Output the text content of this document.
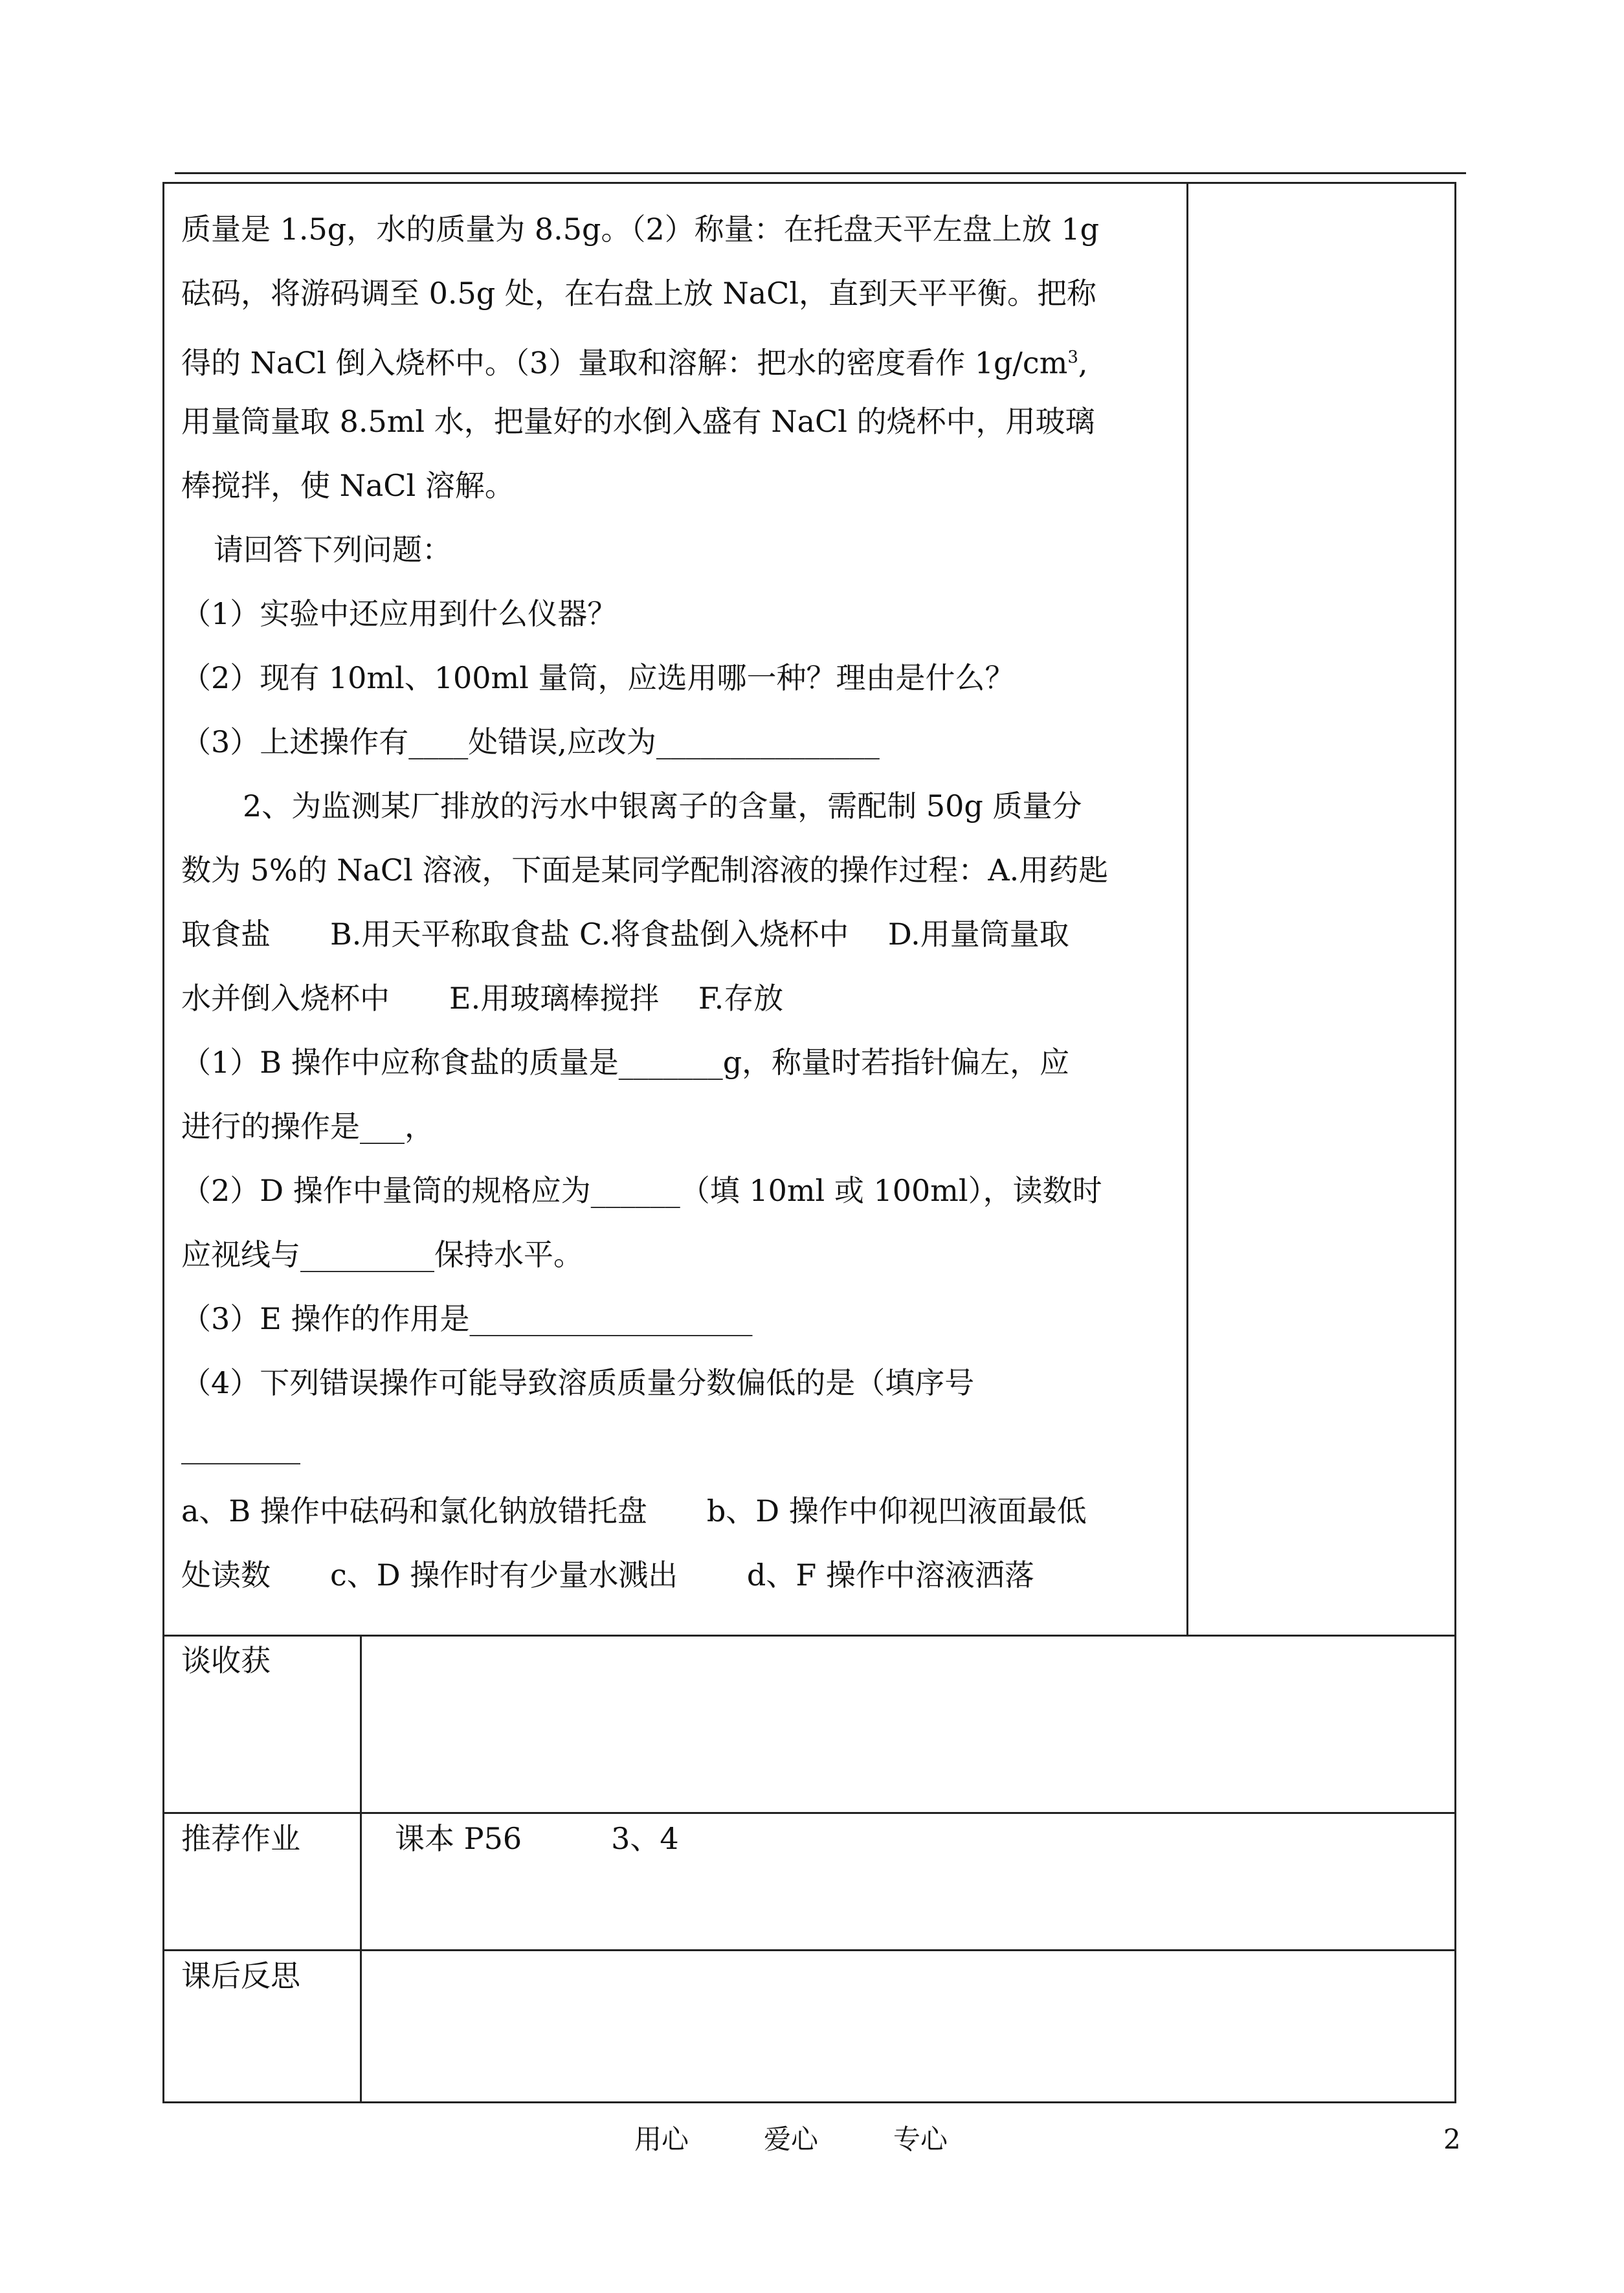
质量是 1.5g，水的质量为 8.5g。（2）称量：在托盘天平左盘上放 1g
砝码，将游码调至 0.5g 处，在右盘上放 NaCl，直到天平平衡。把称
得的 NaCl 倒入烧杯中。（3）量取和溶解：把水的密度看作 $1g/cm^3$,
用量筒量取 8.5ml 水，把量好的水倒入盛有 NaCl 的烧杯中，用玻璃
棒搅拌，使 NaCl 溶解。
请回答下列问题：
（1）实验中还应用到什么仪器？
（2）现有 10ml、100ml 量筒，应选用哪一种？理由是什么？
（3）上述操作有____处错误,应改为_______________
2、为监测某厂排放的污水中银离子的含量，需配制 50g 质量分
数为 5%的 NaCl 溶液，下面是某同学配制溶液的操作过程：A.用药匙
取食盐　　B.用天平称取食盐 C.将食盐倒入烧杯中　 D.用量筒量取
水并倒入烧杯中　　E.用玻璃棒搅拌　 F.存放
（1）B 操作中应称食盐的质量是_______g，称量时若指针偏左，应
进行的操作是___，
（2）D 操作中量筒的规格应为______（填 10ml 或 100ml），读数时
应视线与_________保持水平。
（3）E 操作的作用是___________________
（4）下列错误操作可能导致溶质质量分数偏低的是（填序号
________
a、B 操作中砝码和氯化钠放错托盘　　b、D 操作中仰视凹液面最低
处读数　　c、D 操作时有少量水溅出　　 d、F 操作中溶液洒落
谈收获
推荐作业	课本 P56　　　3、4
课后反思
用心	爱心	专心	2
